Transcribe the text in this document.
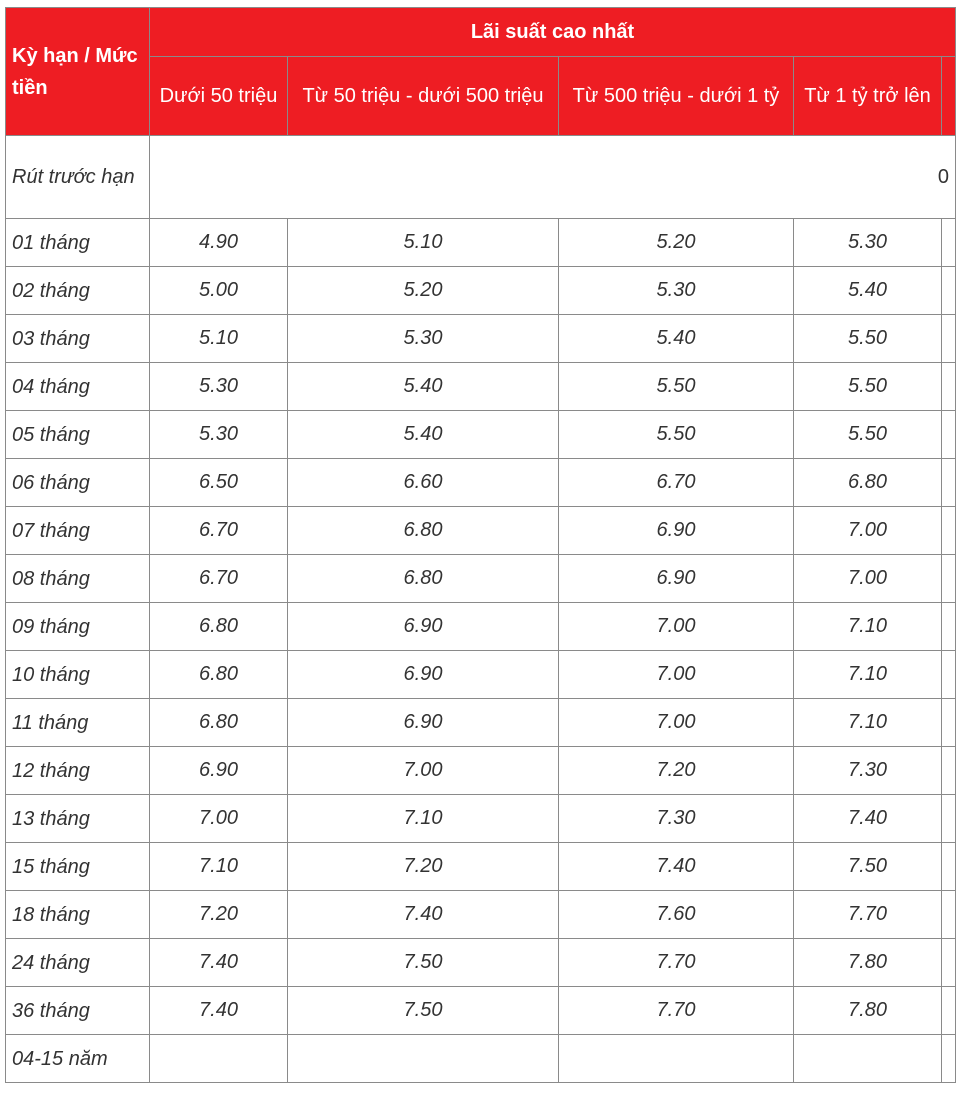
Kỳ hạn / Mức tiền	Lãi suất cao nhất				
	Dưới 50 triệu	Từ 50 triệu - dưới 500 triệu	Từ 500 triệu - dưới 1 tỷ	Từ 1 tỷ trở lên	
Rút trước hạn	0				
01 tháng	4.90	5.10	5.20	5.30	
02 tháng	5.00	5.20	5.30	5.40	
03 tháng	5.10	5.30	5.40	5.50	
04 tháng	5.30	5.40	5.50	5.50	
05 tháng	5.30	5.40	5.50	5.50	
06 tháng	6.50	6.60	6.70	6.80	
07 tháng	6.70	6.80	6.90	7.00	
08 tháng	6.70	6.80	6.90	7.00	
09 tháng	6.80	6.90	7.00	7.10	
10 tháng	6.80	6.90	7.00	7.10	
11 tháng	6.80	6.90	7.00	7.10	
12 tháng	6.90	7.00	7.20	7.30	
13 tháng	7.00	7.10	7.30	7.40	
15 tháng	7.10	7.20	7.40	7.50	
18 tháng	7.20	7.40	7.60	7.70	
24 tháng	7.40	7.50	7.70	7.80	
36 tháng	7.40	7.50	7.70	7.80	
04-15 năm					
